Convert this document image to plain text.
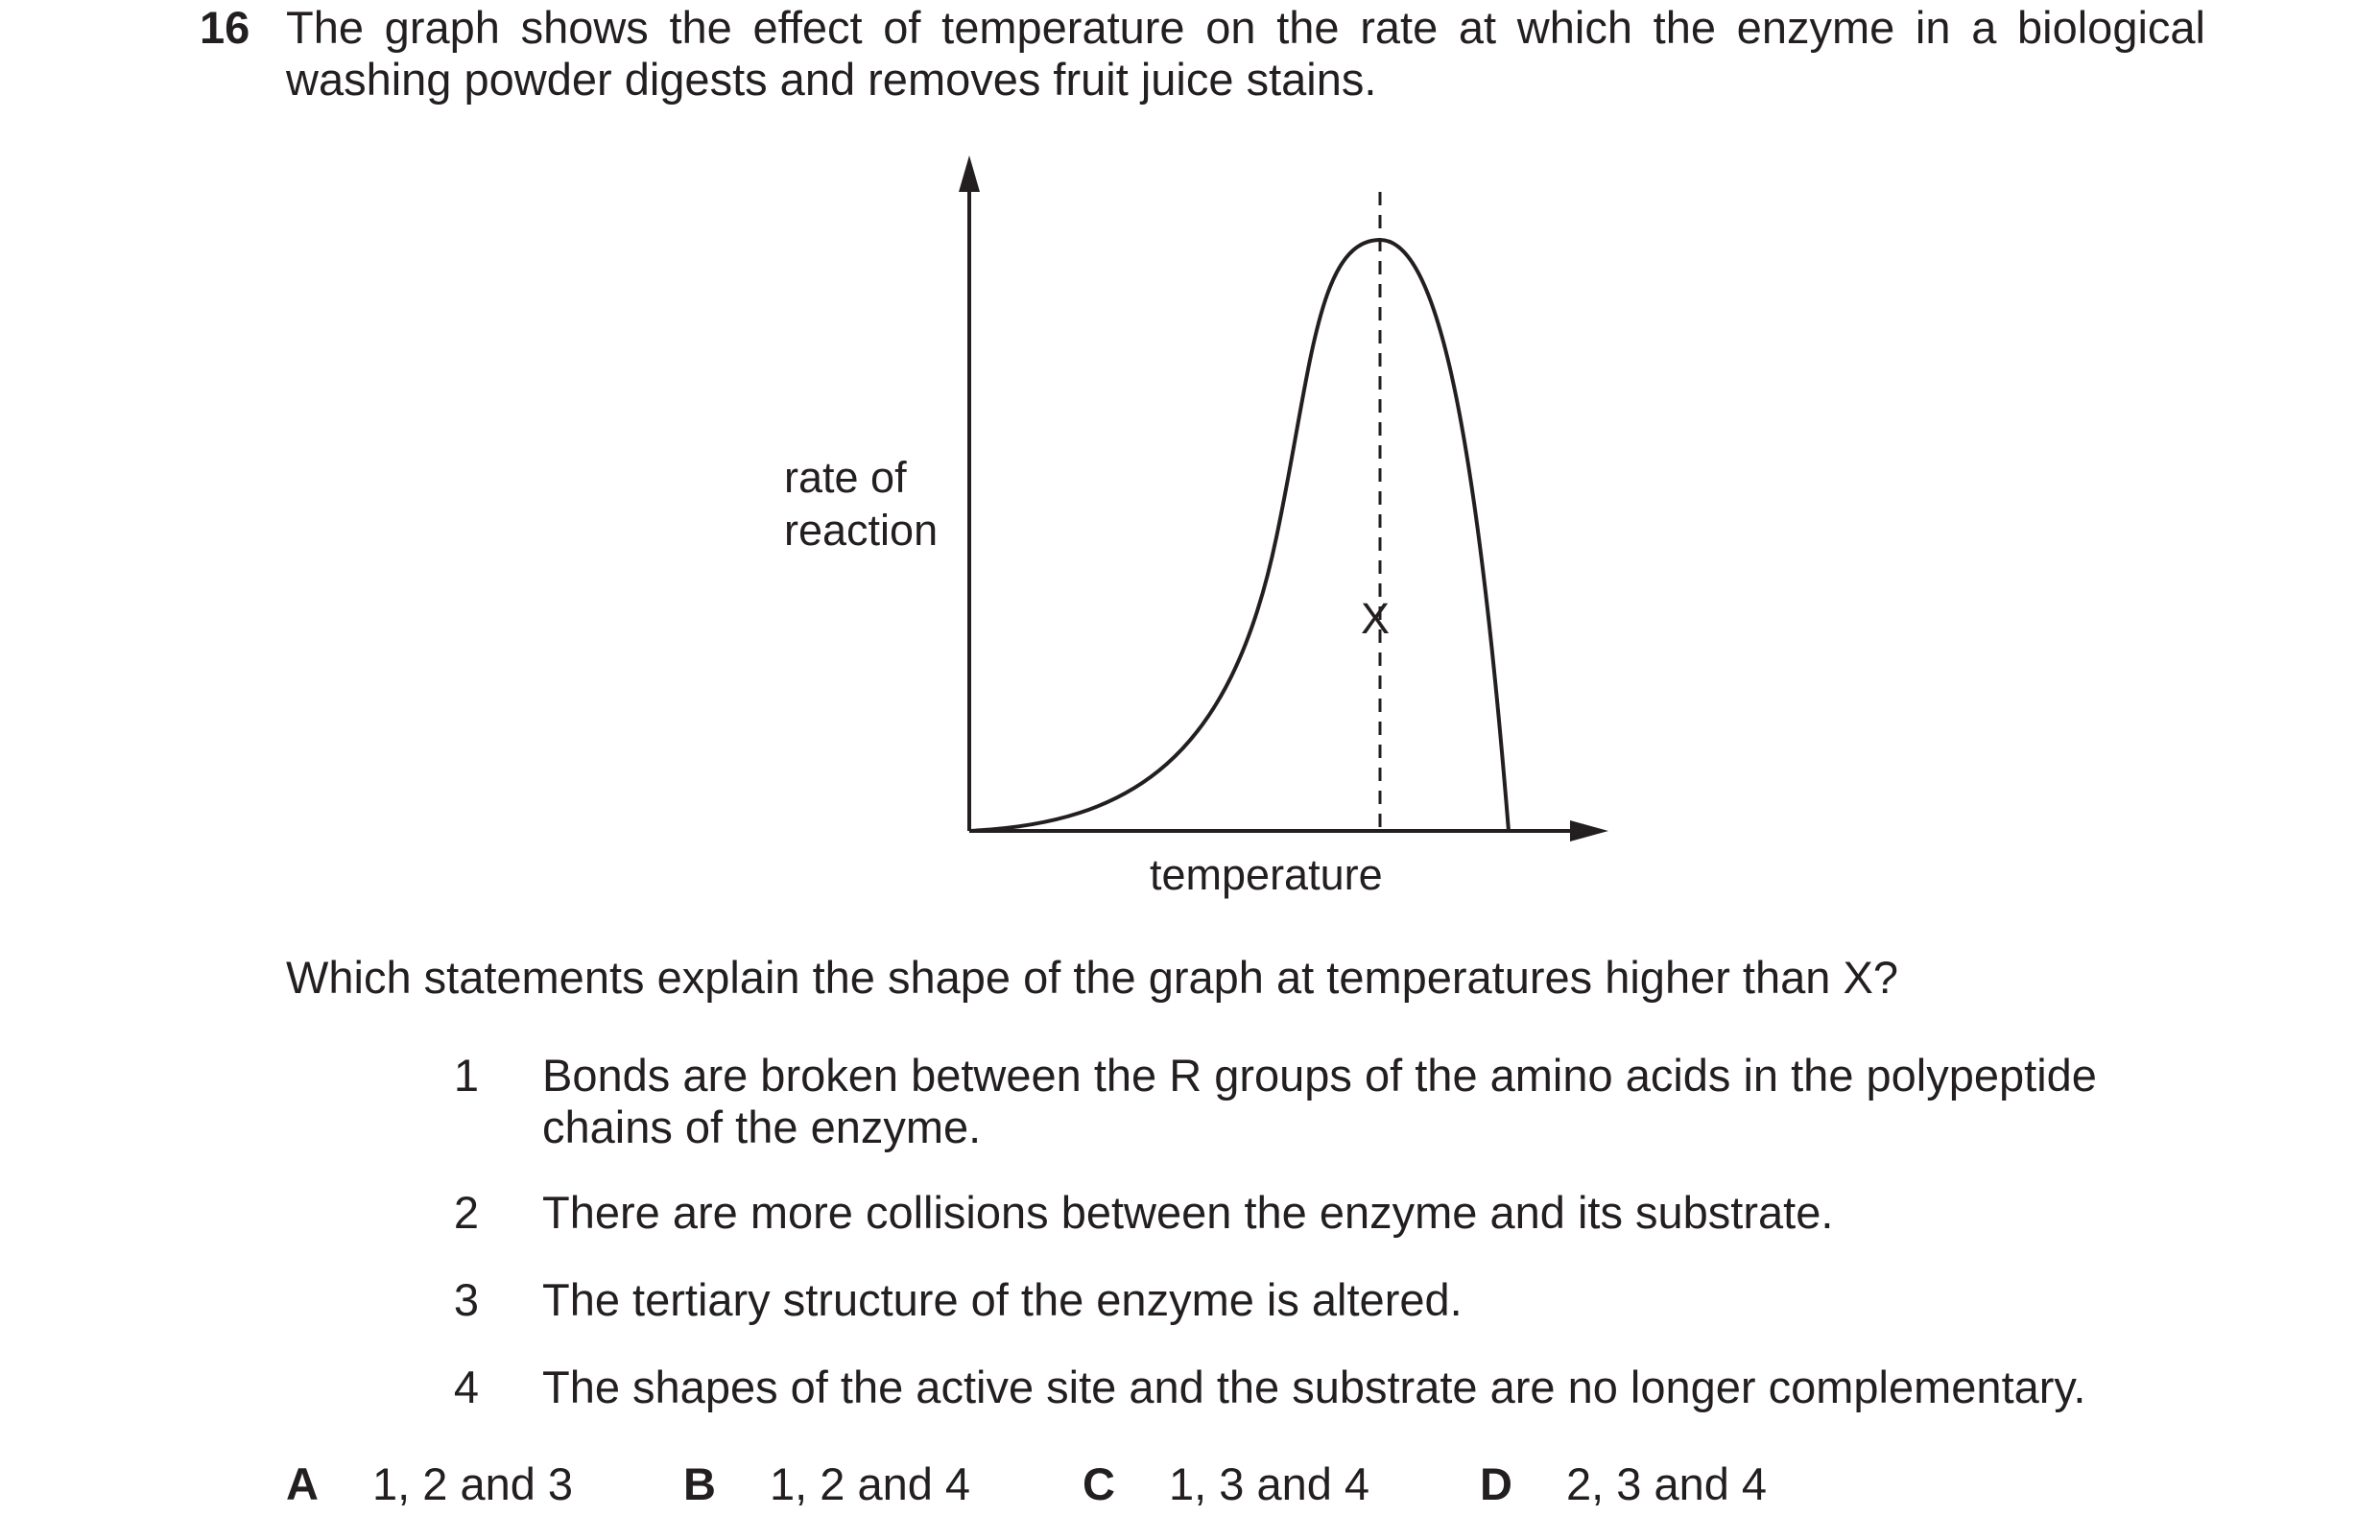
16 The graph shows the effect of temperature on the rate at which the enzyme in a biological washing powder digests and removes fruit juice stains.
rate of
reaction
temperature
X
Which statements explain the shape of the graph at temperatures higher than X?
1 Bonds are broken between the R groups of the amino acids in the polypeptide chains of the enzyme.
2 There are more collisions between the enzyme and its substrate.
3 The tertiary structure of the enzyme is altered.
4 The shapes of the active site and the substrate are no longer complementary.
A 1, 2 and 3 B 1, 2 and 4 C 1, 3 and 4 D 2, 3 and 4
